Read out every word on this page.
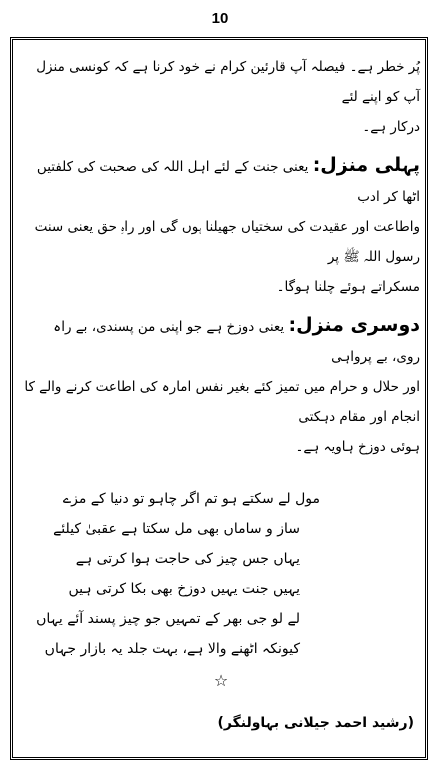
10

پُر خطر ہے۔ فیصلہ آپ قارئین کرام نے خود کرنا ہے کہ کونسی منزل آپ کو اپنے لئے

درکار ہے۔

پہلی منزل: یعنی جنت کے لئے اہل اللہ کی صحبت کی کلفتیں اٹھا کر ادب

واطاعت اور عقیدت کی سختیاں جھیلنا ہوں گی اور راہِ حق یعنی سنت رسول اللہ ﷺ پر

مسکراتے ہوئے چلنا ہوگا۔

دوسری منزل: یعنی دوزخ ہے جو اپنی من پسندی، بے راہ روی، بے پرواہی

اور حلال و حرام میں تمیز کئے بغیر نفس امارہ کی اطاعت کرنے والے کا انجام اور مقام دہکتی

ہوئی دوزخ ہاویہ ہے۔

مول لے سکتے ہو تم اگر چاہو تو دنیا کے مزے

ساز و ساماں بھی مل سکتا ہے عقبیٰ کیلئے

یہاں جس چیز کی حاجت ہوا کرتی ہے

یہیں جنت یہیں دوزخ بھی بکا کرتی ہیں

لے لو جی بھر کے تمہیں جو چیز پسند آئے یہاں

کیونکہ اٹھنے والا ہے، بہت جلد یہ بازار جہاں

☆

(رشید احمد جیلانی بہاولنگر)
